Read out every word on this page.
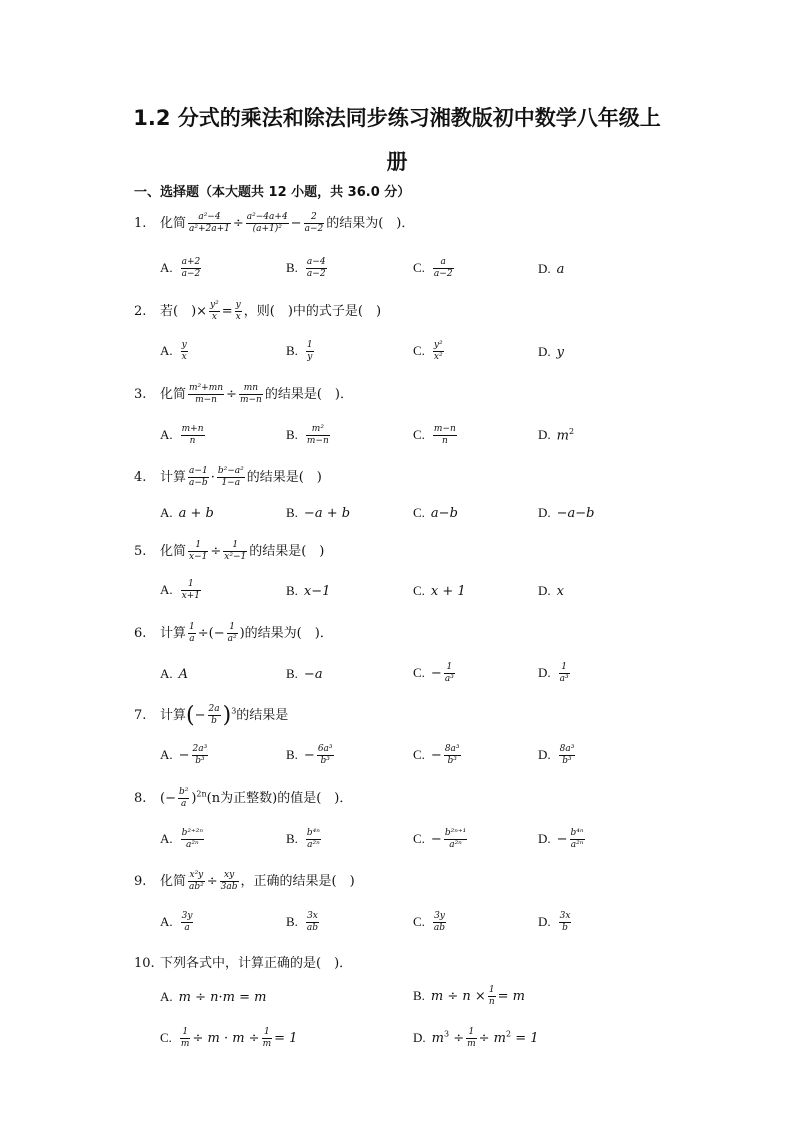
1.2 分式的乘法和除法同步练习湘教版初中数学八年级上
册
一、选择题（本大题共 12 小题，共 36.0 分）
1. 化简 $\frac{\text{a²−4}}{\text{a²+2a+1}} \div \frac{\text{a²−4a+4}}{\text{(a+1)²}} - \frac{2}{a-2}$ 的结果为(　)．
A. $\frac{a+2}{a-2}$	B. $\frac{a-4}{a-2}$	C. $\frac{a}{a-2}$	D. a
2. 若(　)× $\frac{\text{y²}}{x} = \frac{y}{x}$ ，则(　)中的式子是(　)
A. $\frac{y}{x}$	B. $\frac{1}{y}$	C. $\frac{\text{y²}}{\text{x²}}$	D. y
3. 化简 $\frac{\text{m²+mn}}{m-n} \div \frac{mn}{m-n}$ 的结果是(　)．
A. $\frac{m+n}{n}$	B. $\frac{\text{m²}}{m-n}$	C. $\frac{m-n}{n}$	D. $m^2$
4. 计算 $\frac{a-1}{a-b} \cdot \frac{\text{b²−a²}}{1-a}$ 的结果是(　)
A. a + b	B. −a + b	C. a−b	D. −a−b
5. 化简 $\frac{1}{x-1} \div \frac{1}{\text{x²−1}}$ 的结果是(　)
A. $\frac{1}{x+1}$	B. x−1	C. x + 1	D. x
6. 计算 $\frac{1}{a}$ ÷(− $\frac{1}{\text{a²}}$ )的结果为(　)．
A. A	B. −a	C. − $\frac{1}{\text{a³}}$	D. $\frac{1}{\text{a³}}$
7. 计算(− $\frac{2a}{b} )^3$的结果是
A. − $\frac{\text{2a³}}{\text{b³}}$	B. − $\frac{\text{6a³}}{\text{b³}}$	C. − $\frac{\text{8a³}}{\text{b³}}$	D. $\frac{\text{8a³}}{\text{b³}}$
8. (− $\frac{\text{b²}}{a} )^{2n}(n$为正整数)的值是(　)．
A. $\frac{\text{b²⁺²ⁿ}}{\text{a²ⁿ}}$	B. $\frac{\text{b⁴ⁿ}}{\text{a²ⁿ}}$	C. − $\frac{\text{b²ⁿ⁺¹}}{\text{a²ⁿ}}$	D. − $\frac{\text{b⁴ⁿ}}{\text{a²ⁿ}}$
9. 化简 $\frac{\text{x²y}}{\text{ab²}} \div \frac{xy}{3ab}$ ，正确的结果是(　)
A. $\frac{3y}{a}$	B. $\frac{3x}{ab}$	C. $\frac{3y}{ab}$	D. $\frac{3x}{b}$
10. 下列各式中，计算正确的是(　)．
A. m ÷ n·m = m	B. $m \div n \times \frac{1}{n} = m$
C. $\frac{1}{m} \div m \cdot m \div \frac{1}{m} = 1$	D. $m^3 \div \frac{1}{m} \div m^2 = 1$
